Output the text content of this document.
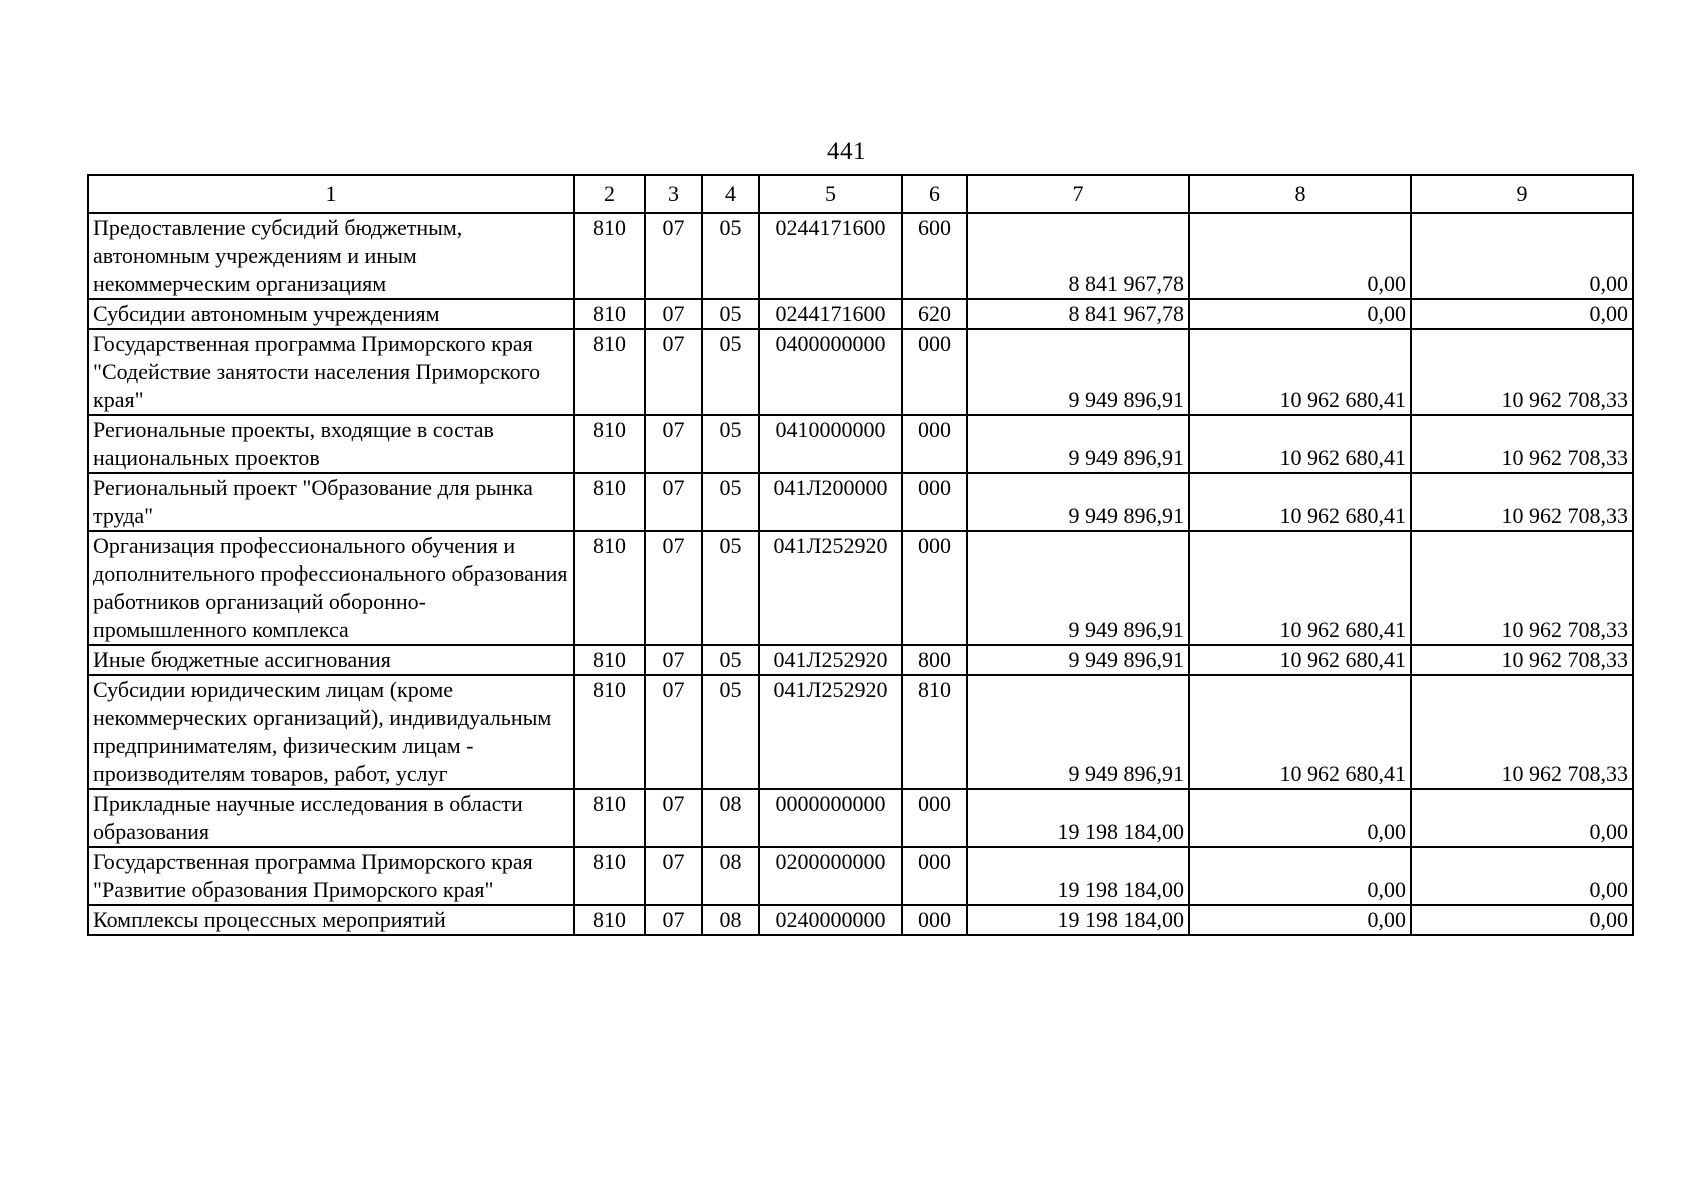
441
1	2	3	4	5	6	7	8	9
Предоставление субсидий бюджетным, автономным учреждениям и иным некоммерческим организациям	810	07	05	0244171600	600	8 841 967,78	0,00	0,00
Субсидии автономным учреждениям	810	07	05	0244171600	620	8 841 967,78	0,00	0,00
Государственная программа Приморского края "Содействие занятости населения Приморского края"	810	07	05	0400000000	000	9 949 896,91	10 962 680,41	10 962 708,33
Региональные проекты, входящие в состав национальных проектов	810	07	05	0410000000	000	9 949 896,91	10 962 680,41	10 962 708,33
Региональный проект "Образование для рынка труда"	810	07	05	041Л200000	000	9 949 896,91	10 962 680,41	10 962 708,33
Организация профессионального обучения и дополнительного профессионального образования работников организаций оборонно-промышленного комплекса	810	07	05	041Л252920	000	9 949 896,91	10 962 680,41	10 962 708,33
Иные бюджетные ассигнования	810	07	05	041Л252920	800	9 949 896,91	10 962 680,41	10 962 708,33
Субсидии юридическим лицам (кроме некоммерческих организаций), индивидуальным предпринимателям, физическим лицам - производителям товаров, работ, услуг	810	07	05	041Л252920	810	9 949 896,91	10 962 680,41	10 962 708,33
Прикладные научные исследования в области образования	810	07	08	0000000000	000	19 198 184,00	0,00	0,00
Государственная программа Приморского края "Развитие образования Приморского края"	810	07	08	0200000000	000	19 198 184,00	0,00	0,00
Комплексы процессных мероприятий	810	07	08	0240000000	000	19 198 184,00	0,00	0,00
